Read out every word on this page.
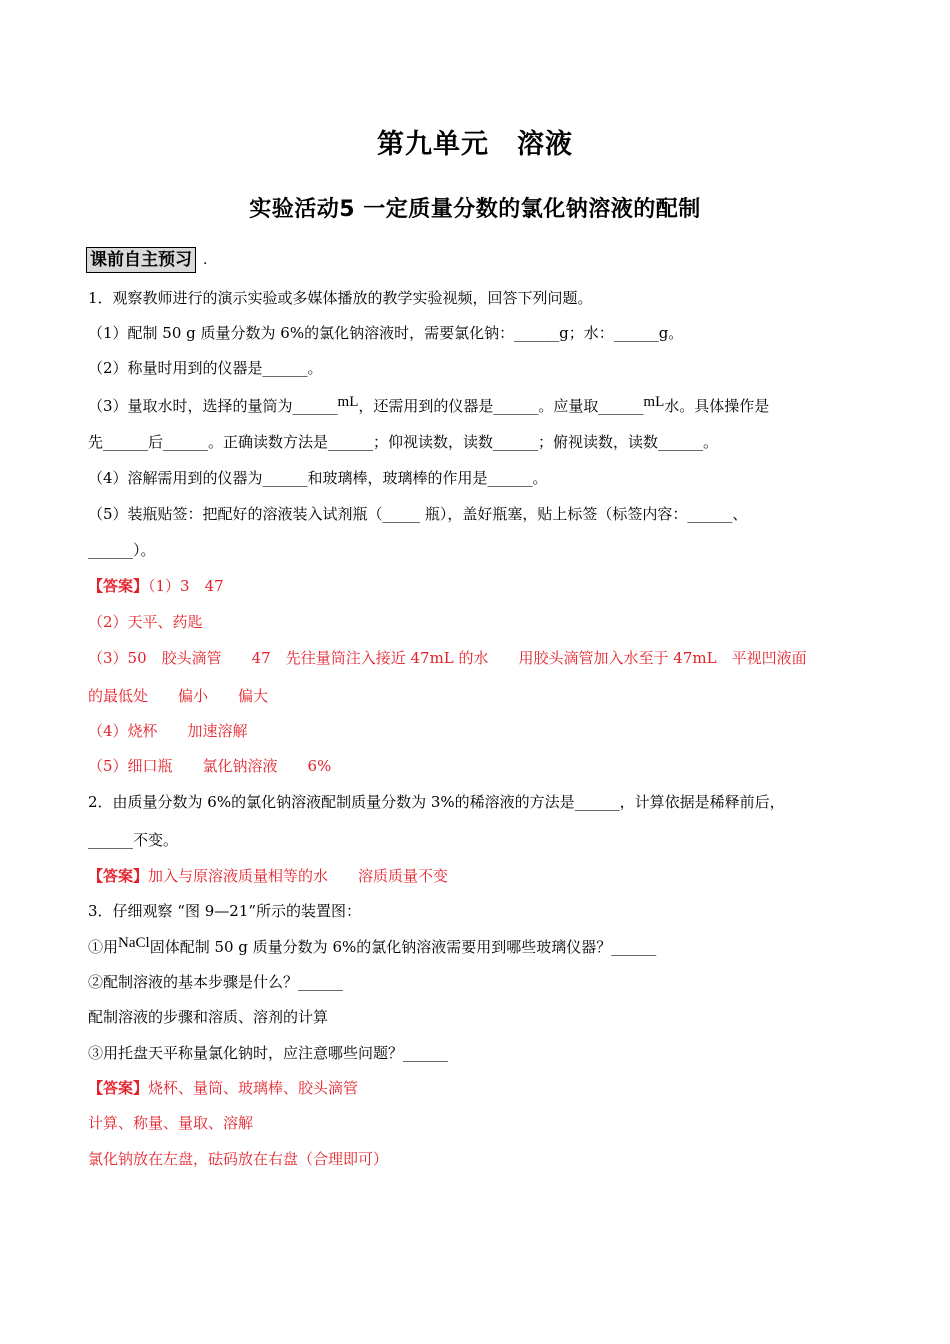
第九单元　溶液
实验活动5 一定质量分数的氯化钠溶液的配制
课前自主预习 .
1．观察教师进行的演示实验或多媒体播放的教学实验视频，回答下列问题。
（1）配制 50 g 质量分数为 6%的氯化钠溶液时，需要氯化钠：______g；水：______g。
（2）称量时用到的仪器是______。
（3）量取水时，选择的量筒为______mL，还需用到的仪器是______。应量取______mL水。具体操作是
先______后______。正确读数方法是______；仰视读数，读数______；俯视读数，读数______。
（4）溶解需用到的仪器为______和玻璃棒，玻璃棒的作用是______。
（5）装瓶贴签：把配好的溶液装入试剂瓶（_____ 瓶），盖好瓶塞，贴上标签（标签内容：______、
______）。
【答案】（1）3　47
（2）天平、药匙
（3）50　胶头滴管　　47　先往量筒注入接近 47mL 的水　　用胶头滴管加入水至于 47mL　平视凹液面
的最低处　　偏小　　偏大
（4）烧杯　　加速溶解
（5）细口瓶　　氯化钠溶液　　6%
2．由质量分数为 6%的氯化钠溶液配制质量分数为 3%的稀溶液的方法是______，计算依据是稀释前后，
______不变。
【答案】加入与原溶液质量相等的水　　溶质质量不变
3．仔细观察 “图 9—21”所示的装置图：
①用NaCl固体配制 50 g 质量分数为 6%的氯化钠溶液需要用到哪些玻璃仪器？______
②配制溶液的基本步骤是什么？______
配制溶液的步骤和溶质、溶剂的计算
③用托盘天平称量氯化钠时，应注意哪些问题？______
【答案】烧杯、量筒、玻璃棒、胶头滴管
计算、称量、量取、溶解
氯化钠放在左盘，砝码放在右盘（合理即可）
